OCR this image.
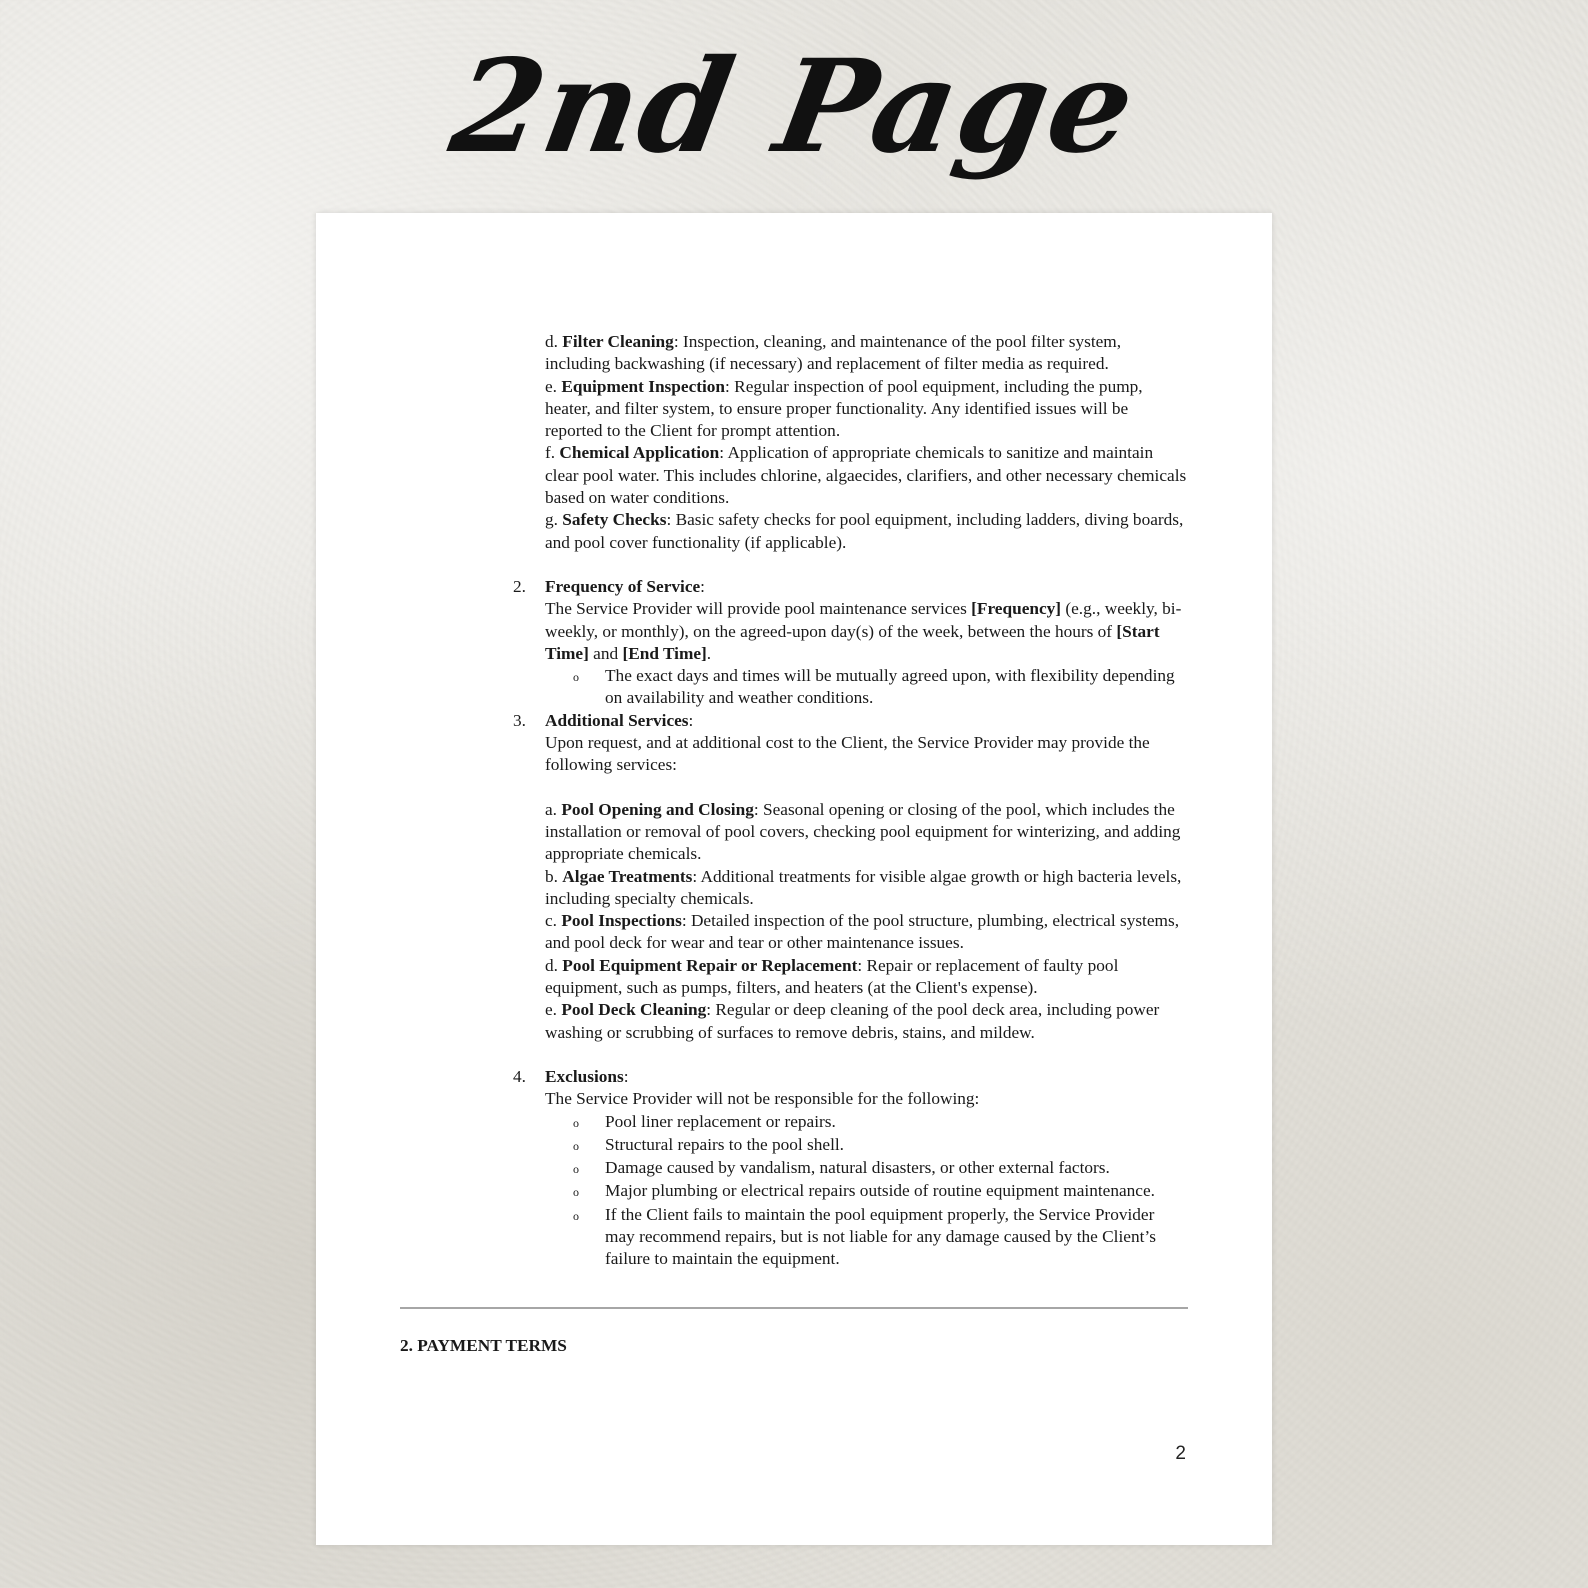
2nd Page
d. Filter Cleaning: Inspection, cleaning, and maintenance of the pool filter system, including backwashing (if necessary) and replacement of filter media as required.
e. Equipment Inspection: Regular inspection of pool equipment, including the pump, heater, and filter system, to ensure proper functionality. Any identified issues will be reported to the Client for prompt attention.
f. Chemical Application: Application of appropriate chemicals to sanitize and maintain clear pool water. This includes chlorine, algaecides, clarifiers, and other necessary chemicals based on water conditions.
g. Safety Checks: Basic safety checks for pool equipment, including ladders, diving boards, and pool cover functionality (if applicable).
2.	Frequency of Service:
The Service Provider will provide pool maintenance services [Frequency] (e.g., weekly, bi-weekly, or monthly), on the agreed-upon day(s) of the week, between the hours of [Start Time] and [End Time].
o	The exact days and times will be mutually agreed upon, with flexibility depending on availability and weather conditions.
3.	Additional Services:
Upon request, and at additional cost to the Client, the Service Provider may provide the following services:
a. Pool Opening and Closing: Seasonal opening or closing of the pool, which includes the installation or removal of pool covers, checking pool equipment for winterizing, and adding appropriate chemicals.
b. Algae Treatments: Additional treatments for visible algae growth or high bacteria levels, including specialty chemicals.
c. Pool Inspections: Detailed inspection of the pool structure, plumbing, electrical systems, and pool deck for wear and tear or other maintenance issues.
d. Pool Equipment Repair or Replacement: Repair or replacement of faulty pool equipment, such as pumps, filters, and heaters (at the Client's expense).
e. Pool Deck Cleaning: Regular or deep cleaning of the pool deck area, including power washing or scrubbing of surfaces to remove debris, stains, and mildew.
4.	Exclusions:
The Service Provider will not be responsible for the following:
o	Pool liner replacement or repairs.
o	Structural repairs to the pool shell.
o	Damage caused by vandalism, natural disasters, or other external factors.
o	Major plumbing or electrical repairs outside of routine equipment maintenance.
o	If the Client fails to maintain the pool equipment properly, the Service Provider may recommend repairs, but is not liable for any damage caused by the Client’s failure to maintain the equipment.
2. PAYMENT TERMS
2
